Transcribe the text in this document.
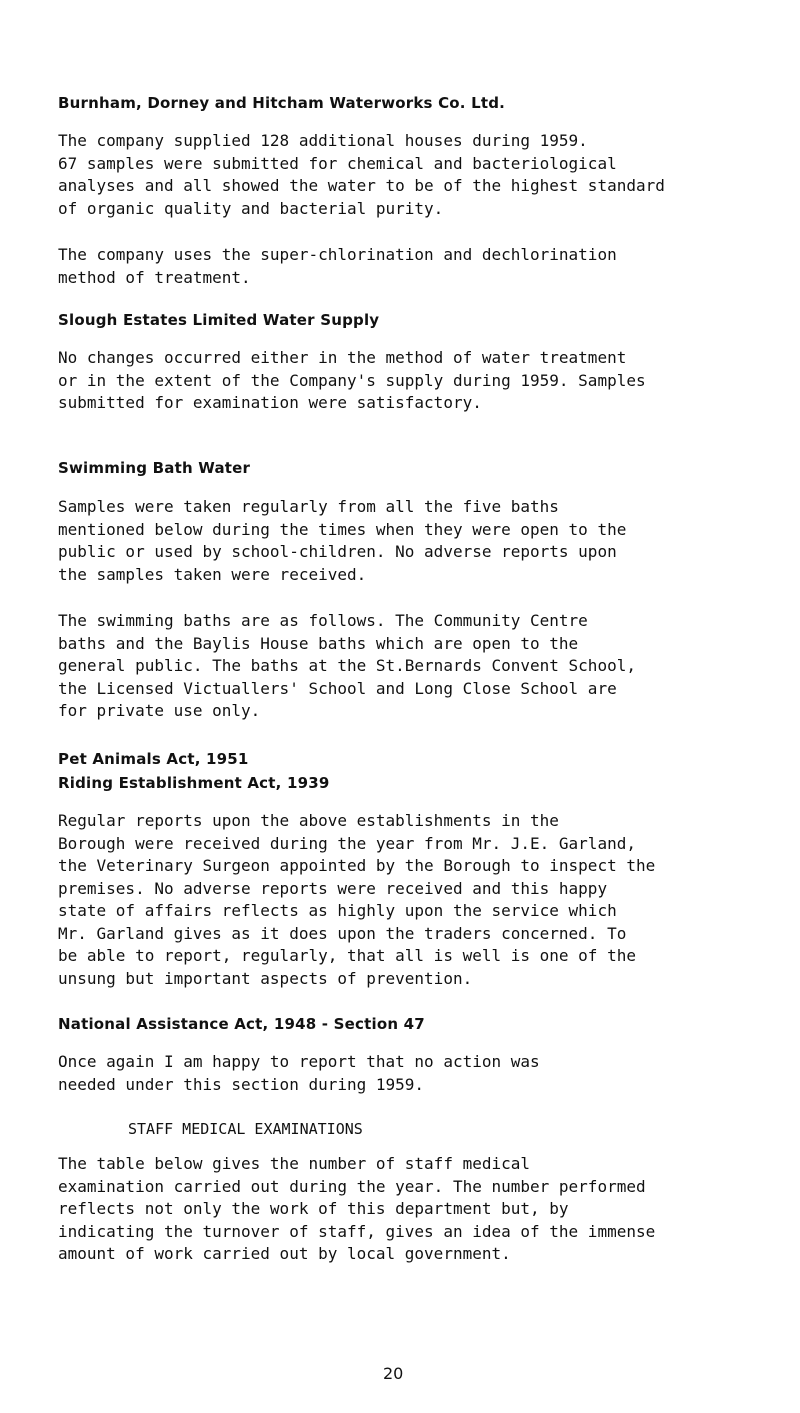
Burnham, Dorney and Hitcham Waterworks Co. Ltd.
The company supplied 128 additional houses during 1959.
67 samples were submitted for chemical and bacteriological
analyses and all showed the water to be of the highest standard
of organic quality and bacterial purity.
The company uses the super-chlorination and dechlorination
method of treatment.
Slough Estates Limited Water Supply
No changes occurred either in the method of water treatment
or in the extent of the Company's supply during 1959. Samples
submitted for examination were satisfactory.
Swimming Bath Water
Samples were taken regularly from all the five baths
mentioned below during the times when they were open to the
public or used by school-children. No adverse reports upon
the samples taken were received.
The swimming baths are as follows. The Community Centre
baths and the Baylis House baths which are open to the
general public. The baths at the St.Bernards Convent School,
the Licensed Victuallers' School and Long Close School are
for private use only.
Pet Animals Act, 1951
Riding Establishment Act, 1939
Regular reports upon the above establishments in the
Borough were received during the year from Mr. J.E. Garland,
the Veterinary Surgeon appointed by the Borough to inspect the
premises. No adverse reports were received and this happy
state of affairs reflects as highly upon the service which
Mr. Garland gives as it does upon the traders concerned. To
be able to report, regularly, that all is well is one of the
unsung but important aspects of prevention.
National Assistance Act, 1948 - Section 47
Once again I am happy to report that no action was
needed under this section during 1959.
STAFF MEDICAL EXAMINATIONS
The table below gives the number of staff medical
examination carried out during the year. The number performed
reflects not only the work of this department but, by
indicating the turnover of staff, gives an idea of the immense
amount of work carried out by local government.
20
